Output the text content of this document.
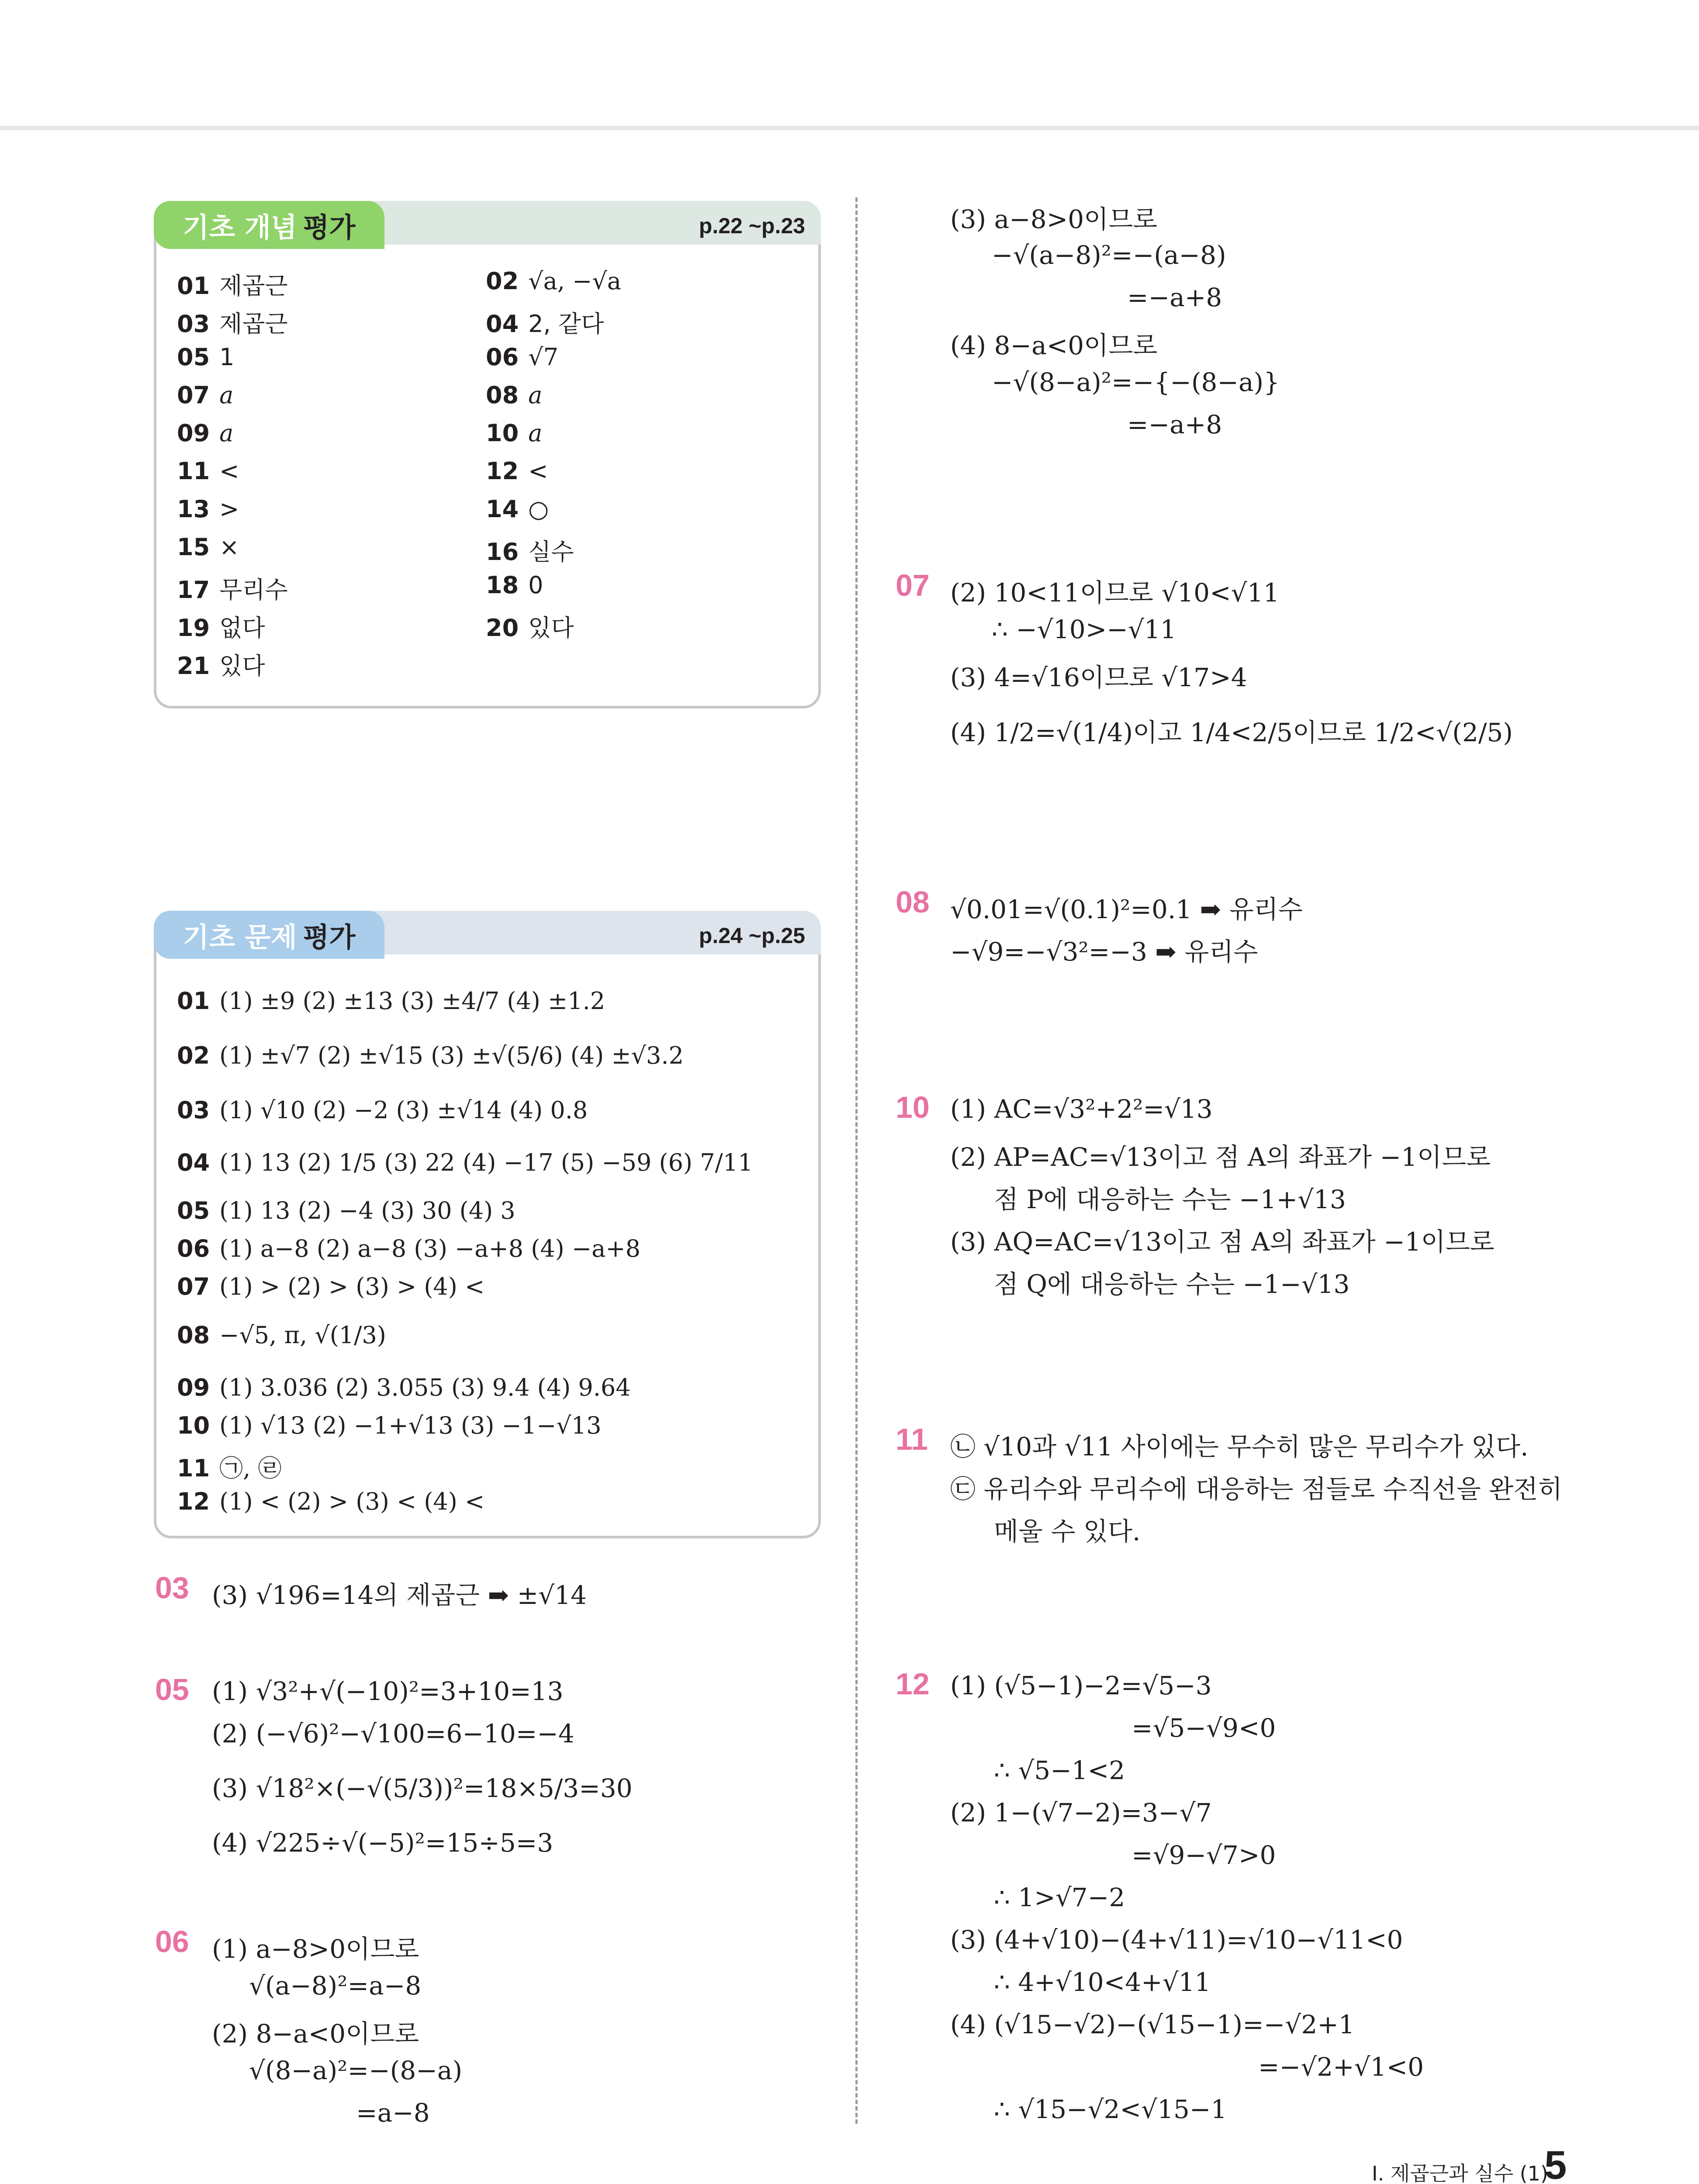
기초 개념 평가	p.22 ~p.23
01 제곱근
03 제곱근
05 1
07 a
09 a
11 <
13 >
15 ×
17 무리수
19 없다
21 있다
02 √a, −√a
04 2, 같다
06 √7
08 a
10 a
12 <
14 ○
16 실수
18 0
20 있다
기초 문제 평가	p.24 ~p.25
01 (1) ±9 (2) ±13 (3) ±4/7 (4) ±1.2
02 (1) ±√7 (2) ±√15 (3) ±√(5/6) (4) ±√3.2
03 (1) √10 (2) −2 (3) ±√14 (4) 0.8
04 (1) 13 (2) 1/5 (3) 22 (4) −17 (5) −59 (6) 7/11
05 (1) 13 (2) −4 (3) 30 (4) 3
06 (1) a−8 (2) a−8 (3) −a+8 (4) −a+8
07 (1) > (2) > (3) > (4) <
08 −√5, π, √(1/3)
09 (1) 3.036 (2) 3.055 (3) 9.4 (4) 9.64
10 (1) √13 (2) −1+√13 (3) −1−√13
11 ㉠, ㉣
12 (1) < (2) > (3) < (4) <
03 (3) √196=14의 제곱근 ➡ ±√14
05 (1) √3²+√(−10)²=3+10=13
(2) (−√6)²−√100=6−10=−4
(3) √18²×(−√(5/3))²=18×5/3=30
(4) √225÷√(−5)²=15÷5=3
06 (1) a−8>0이므로
√(a−8)²=a−8
(2) 8−a<0이므로
√(8−a)²=−(8−a)
=a−8
(3) a−8>0이므로
−√(a−8)²=−(a−8)
=−a+8
(4) 8−a<0이므로
−√(8−a)²=−{−(8−a)}
=−a+8
07 (2) 10<11이므로 √10<√11
∴ −√10>−√11
(3) 4=√16이므로 √17>4
(4) 1/2=√(1/4)이고 1/4<2/5이므로 1/2<√(2/5)
08 √0.01=√(0.1)²=0.1 ➡ 유리수
−√9=−√3²=−3 ➡ 유리수
10 (1) AC=√3²+2²=√13
(2) AP=AC=√13이고 점 A의 좌표가 −1이므로
점 P에 대응하는 수는 −1+√13
(3) AQ=AC=√13이고 점 A의 좌표가 −1이므로
점 Q에 대응하는 수는 −1−√13
11 ㉡ √10과 √11 사이에는 무수히 많은 무리수가 있다.
㉢ 유리수와 무리수에 대응하는 점들로 수직선을 완전히
메울 수 있다.
12 (1) (√5−1)−2=√5−3
=√5−√9<0
∴ √5−1<2
(2) 1−(√7−2)=3−√7
=√9−√7>0
∴ 1>√7−2
(3) (4+√10)−(4+√11)=√10−√11<0
∴ 4+√10<4+√11
(4) (√15−√2)−(√15−1)=−√2+1
=−√2+√1<0
∴ √15−√2<√15−1
I. 제곱근과 실수 (1)
5
